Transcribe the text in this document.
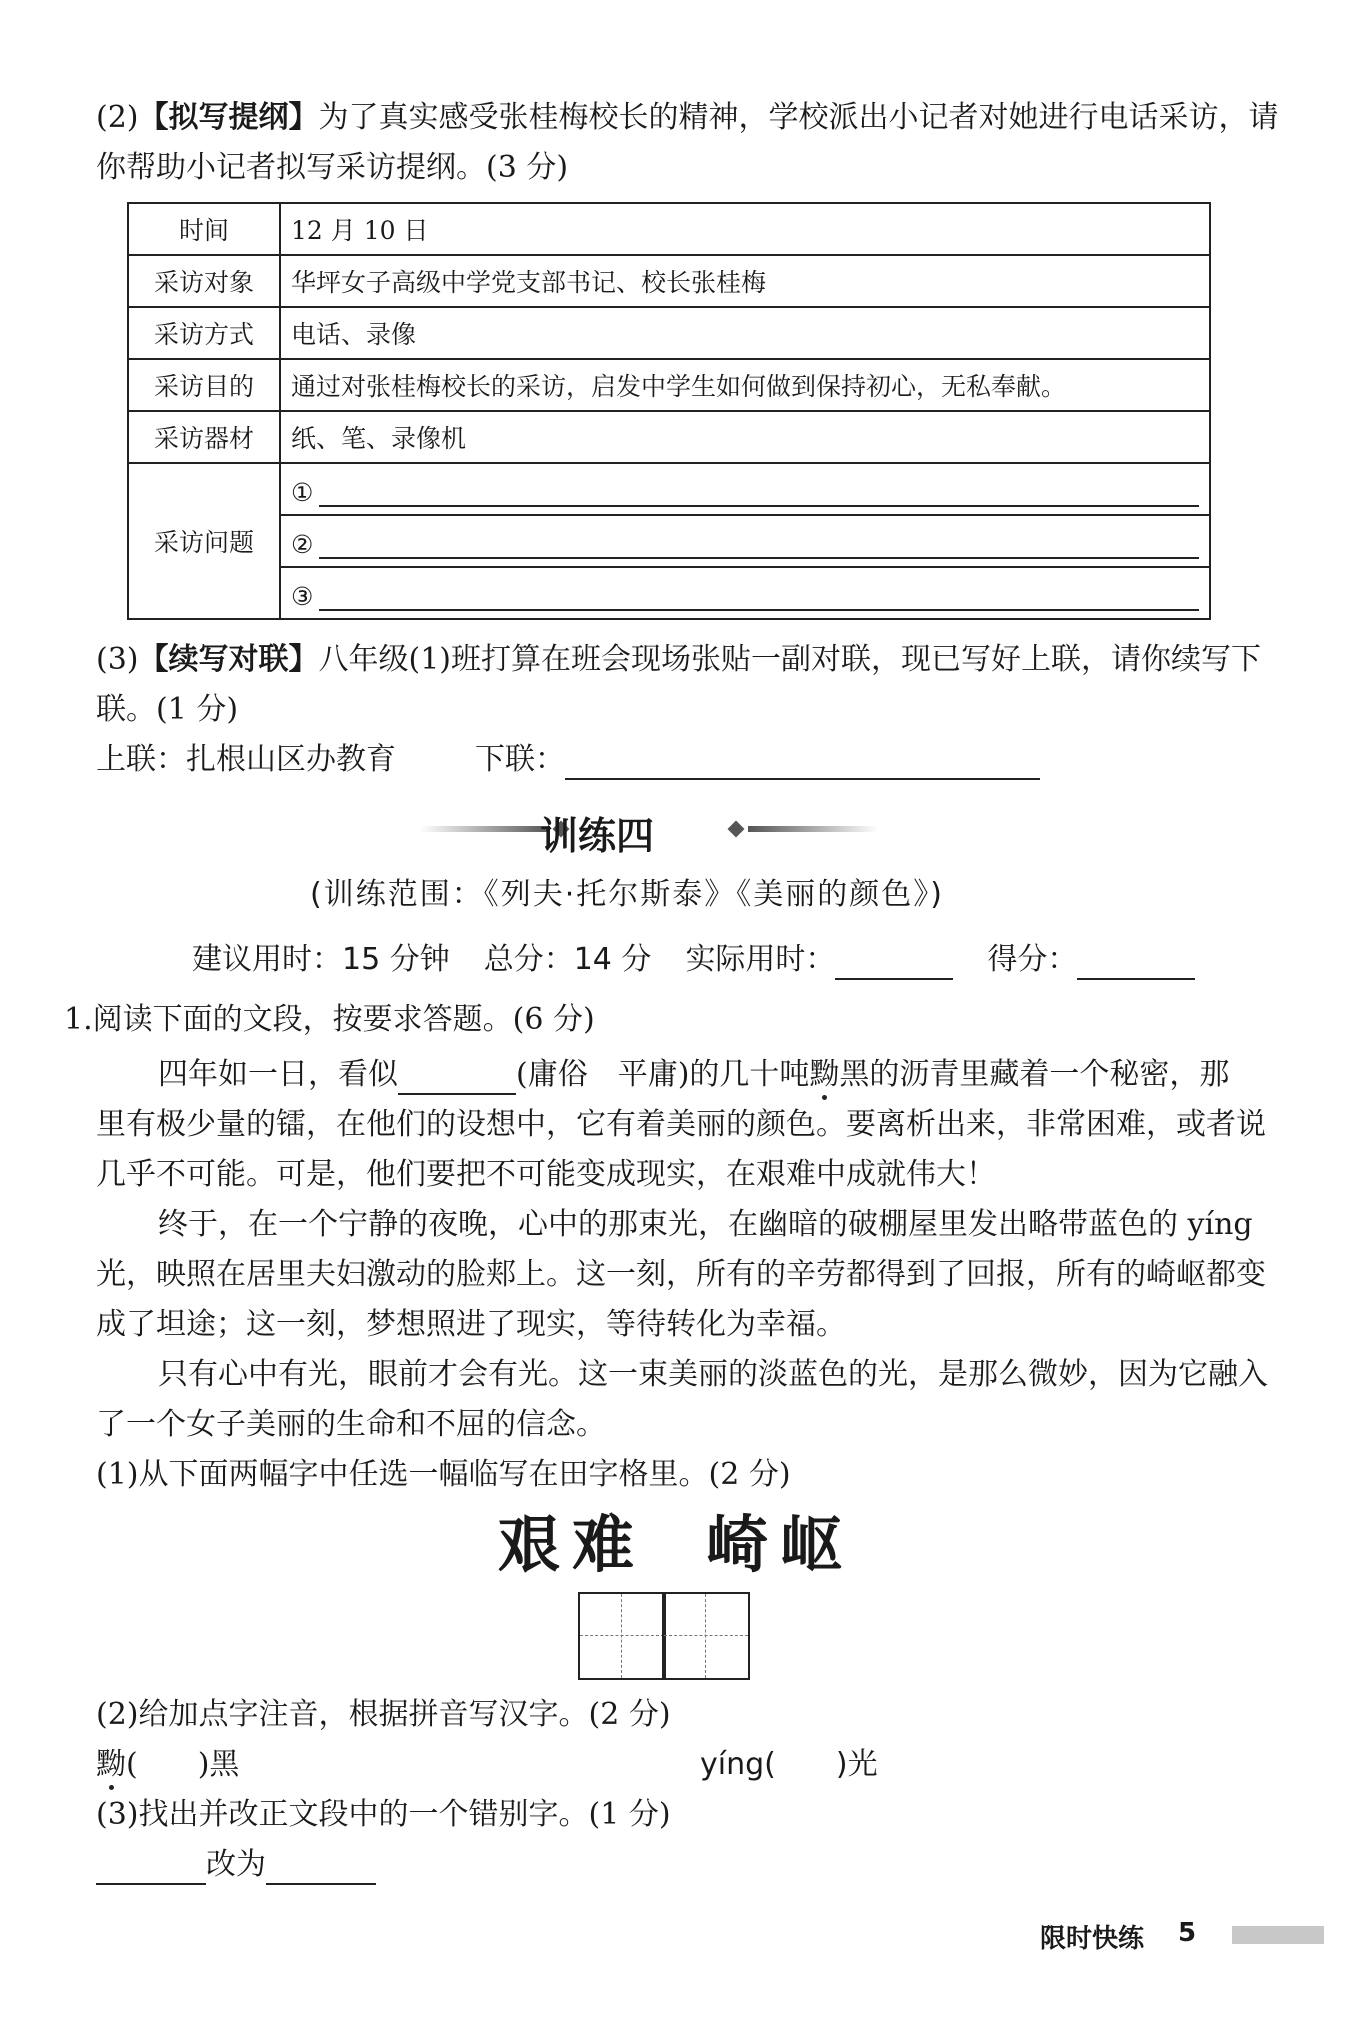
(2)【拟写提纲】为了真实感受张桂梅校长的精神，学校派出小记者对她进行电话采访，请
你帮助小记者拟写采访提纲。(3 分)
时间	12 月 10 日
采访对象	华坪女子高级中学党支部书记、校长张桂梅
采访方式	电话、录像
采访目的	通过对张桂梅校长的采访，启发中学生如何做到保持初心，无私奉献。
采访器材	纸、笔、录像机
采访问题	①

	②

	③
(3)【续写对联】八年级(1)班打算在班会现场张贴一副对联，现已写好上联，请你续写下
联。(1 分)
上联：扎根山区办教育	下联：
训练四
(训练范围：《列夫·托尔斯泰》《美丽的颜色》)
建议用时：15 分钟 总分：14 分 实际用时：	得分：
1.阅读下面的文段，按要求答题。(6 分)
四年如一日，看似	(庸俗　平庸)的几十吨黝黑的沥青里藏着一个秘密，那
里有极少量的镭，在他们的设想中，它有着美丽的颜色。要离析出来，非常困难，或者说
几乎不可能。可是，他们要把不可能变成现实，在艰难中成就伟大！
终于，在一个宁静的夜晚，心中的那束光，在幽暗的破棚屋里发出略带蓝色的 yíng
光，映照在居里夫妇激动的脸郏上。这一刻，所有的辛劳都得到了回报，所有的崎岖都变
成了坦途；这一刻，梦想照进了现实，等待转化为幸福。
只有心中有光，眼前才会有光。这一束美丽的淡蓝色的光，是那么微妙，因为它融入
了一个女子美丽的生命和不屈的信念。
(1)从下面两幅字中任选一幅临写在田字格里。(2 分)
艰难 崎岖
(2)给加点字注音，根据拼音写汉字。(2 分)
黝( )黑	yíng( )光
(3)找出并改正文段中的一个错别字。(1 分)
改为
限时快练 5
